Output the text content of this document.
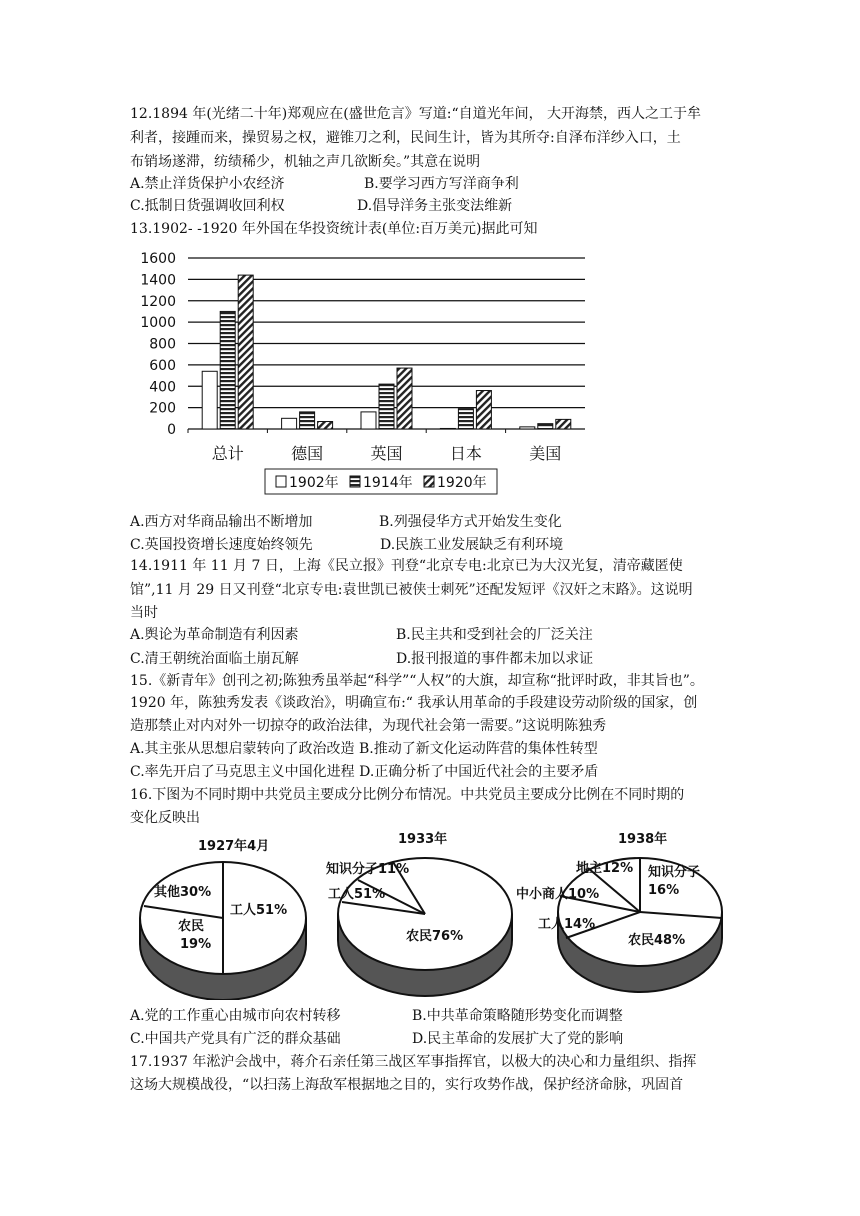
12.1894 年(光绪二十年)郑观应在(盛世危言》写道:“自道光年间， 大开海禁，西人之工于牟
利者，接踵而来，操贸易之权，避锥刀之利，民间生计，皆为其所夺:自泽布洋纱入口，土
布销场遂滞，纺绩稀少，机轴之声几欲断矣。”其意在说明
A.禁止洋货保护小农经济	B.要学习西方写洋商争利
C.抵制日货强调收回利权	D.倡导洋务主张变法维新
13.1902- -1920 年外国在华投资统计表(单位:百万美元)据此可知
0
200
400
600
800
1000
1200
1400
1600
总计	德国	英国	日本	美国
1902年 1914年 1920年
A.西方对华商品输出不断增加	B.列强侵华方式开始发生变化
C.英国投资增长速度始终领先	D.民族工业发展缺乏有利环境
14.1911 年 11 月 7 日，上海《民立报》刊登“北京专电:北京已为大汉光复，清帝藏匿使
馆”,11 月 29 日又刊登“北京专电:袁世凯已被侠士刺死”还配发短评《汉奸之末路》。这说明
当时
A.舆论为革命制造有利因素	B.民主共和受到社会的厂泛关注
C.清王朝统治面临土崩瓦解	D.报刊报道的事件都未加以求证
15.《新青年》创刊之初;陈独秀虽举起“科学”“人权”的大旗，却宣称“批评时政，非其旨也”。
1920 年，陈独秀发表《谈政治》，明确宣布:“ 我承认用革命的手段建设劳动阶级的国家，创
造那禁止对内对外一切掠夺的政治法律，为现代社会第一需要。”这说明陈独秀
A.其主张从思想启蒙转向了政治改造 B.推动了新文化运动阵营的集体性转型
C.率先开启了马克思主义中国化进程 D.正确分析了中国近代社会的主要矛盾
16.下图为不同时期中共党员主要成分比例分布情况。中共党员主要成分比例在不同时期的
变化反映出
1927年4月
其他30%
工人51%
农民
19%
1933年
知识分子11%
工人51%
农民76%
1938年
地主12% 知识分子
16%
中小商人10%
工人14%
农民48%
A.党的工作重心由城市向农村转移	B.中共革命策略随形势变化而调整
C.中国共产党具有广泛的群众基础	D.民主革命的发展扩大了党的影响
17.1937 年淞沪会战中，蒋介石亲任第三战区军事指挥官，以极大的决心和力量组织、指挥
这场大规模战役，“以扫荡上海敌军根据地之目的，实行攻势作战，保护经济命脉，巩固首
